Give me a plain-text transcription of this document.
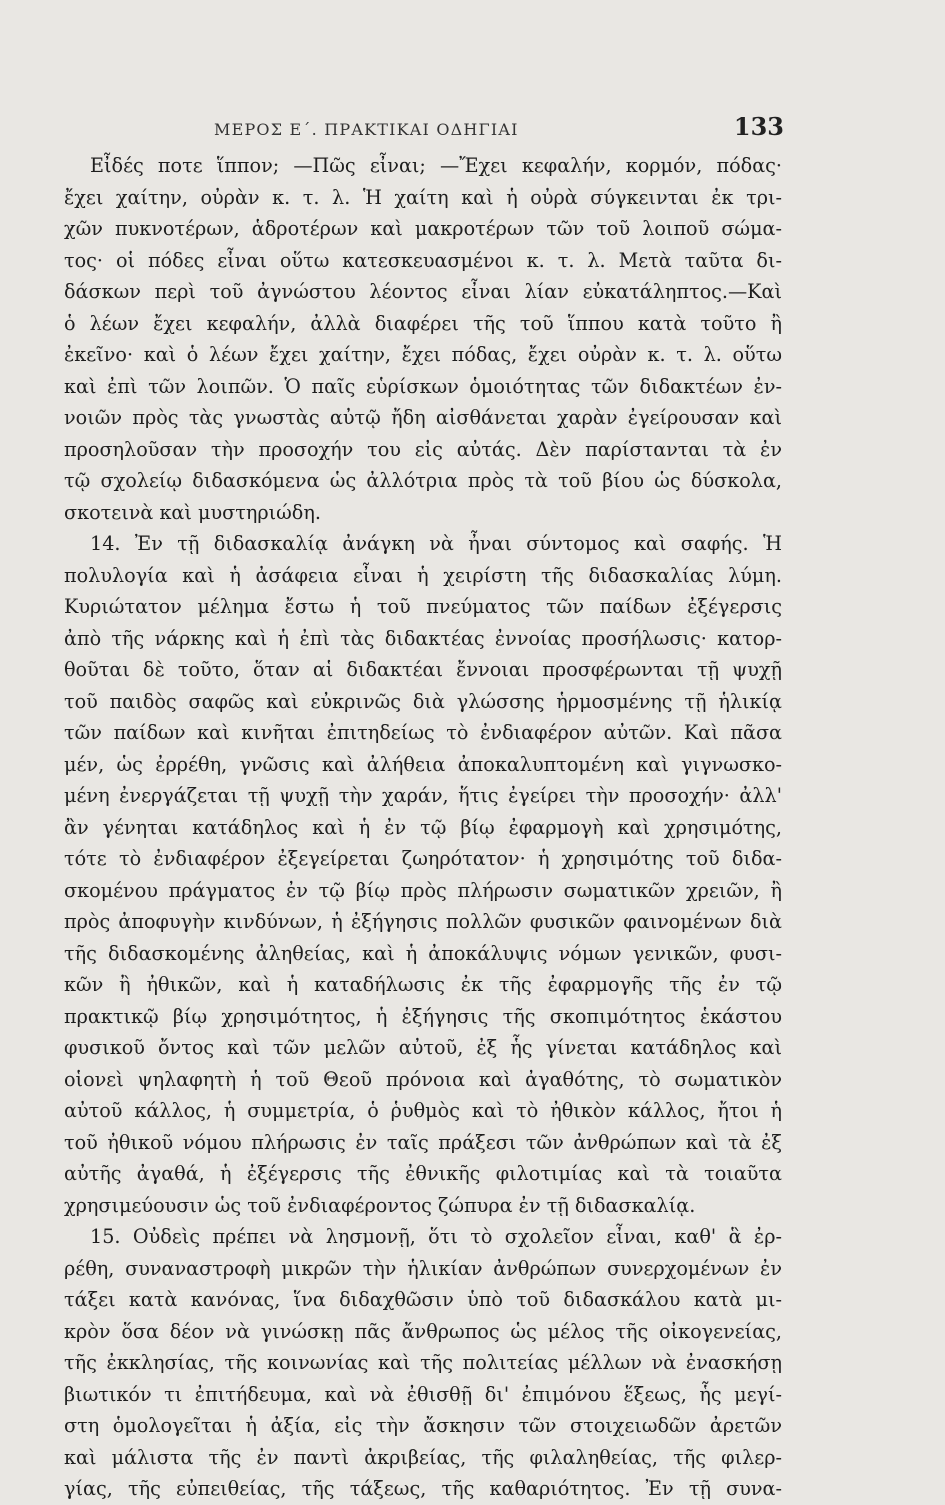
ΜΕΡΟΣ Ε΄. ΠΡΑΚΤΙΚΑΙ ΟΔΗΓΙΑΙ	133
Εἶδές ποτε ἵππον; —Πῶς εἶναι; —Ἔχει κεφαλήν, κορμόν, πόδας·
ἔχει χαίτην, οὐρὰν κ. τ. λ. Ἡ χαίτη καὶ ἡ οὐρὰ σύγκεινται ἐκ τρι-
χῶν πυκνοτέρων, ἁδροτέρων καὶ μακροτέρων τῶν τοῦ λοιποῦ σώμα-
τος· οἱ πόδες εἶναι οὕτω κατεσκευασμένοι κ. τ. λ. Μετὰ ταῦτα δι-
δάσκων περὶ τοῦ ἀγνώστου λέοντος εἶναι λίαν εὐκατάληπτος.—Καὶ
ὁ λέων ἔχει κεφαλήν, ἀλλὰ διαφέρει τῆς τοῦ ἵππου κατὰ τοῦτο ἢ
ἐκεῖνο· καὶ ὁ λέων ἔχει χαίτην, ἔχει πόδας, ἔχει οὐρὰν κ. τ. λ. οὕτω
καὶ ἐπὶ τῶν λοιπῶν. Ὁ παῖς εὑρίσκων ὁμοιότητας τῶν διδακτέων ἐν-
νοιῶν πρὸς τὰς γνωστὰς αὐτῷ ἤδη αἰσθάνεται χαρὰν ἐγείρουσαν καὶ
προσηλοῦσαν τὴν προσοχήν του εἰς αὐτάς. Δὲν παρίστανται τὰ ἐν
τῷ σχολείῳ διδασκόμενα ὡς ἀλλότρια πρὸς τὰ τοῦ βίου ὡς δύσκολα,
σκοτεινὰ καὶ μυστηριώδη.
14. Ἐν τῇ διδασκαλίᾳ ἀνάγκη νὰ ἦναι σύντομος καὶ σαφής. Ἡ
πολυλογία καὶ ἡ ἀσάφεια εἶναι ἡ χειρίστη τῆς διδασκαλίας λύμη.
Κυριώτατον μέλημα ἔστω ἡ τοῦ πνεύματος τῶν παίδων ἐξέγερσις
ἀπὸ τῆς νάρκης καὶ ἡ ἐπὶ τὰς διδακτέας ἐννοίας προσήλωσις· κατορ-
θοῦται δὲ τοῦτο, ὅταν αἱ διδακτέαι ἔννοιαι προσφέρωνται τῇ ψυχῇ
τοῦ παιδὸς σαφῶς καὶ εὐκρινῶς διὰ γλώσσης ἡρμοσμένης τῇ ἡλικίᾳ
τῶν παίδων καὶ κινῆται ἐπιτηδείως τὸ ἐνδιαφέρον αὐτῶν. Καὶ πᾶσα
μέν, ὡς ἐρρέθη, γνῶσις καὶ ἀλήθεια ἀποκαλυπτομένη καὶ γιγνωσκο-
μένη ἐνεργάζεται τῇ ψυχῇ τὴν χαράν, ἥτις ἐγείρει τὴν προσοχήν· ἀλλ'
ἂν γένηται κατάδηλος καὶ ἡ ἐν τῷ βίῳ ἐφαρμογὴ καὶ χρησιμότης,
τότε τὸ ἐνδιαφέρον ἐξεγείρεται ζωηρότατον· ἡ χρησιμότης τοῦ διδα-
σκομένου πράγματος ἐν τῷ βίῳ πρὸς πλήρωσιν σωματικῶν χρειῶν, ἢ
πρὸς ἀποφυγὴν κινδύνων, ἡ ἐξήγησις πολλῶν φυσικῶν φαινομένων διὰ
τῆς διδασκομένης ἀληθείας, καὶ ἡ ἀποκάλυψις νόμων γενικῶν, φυσι-
κῶν ἢ ἠθικῶν, καὶ ἡ καταδήλωσις ἐκ τῆς ἐφαρμογῆς τῆς ἐν τῷ
πρακτικῷ βίῳ χρησιμότητος, ἡ ἐξήγησις τῆς σκοπιμότητος ἑκάστου
φυσικοῦ ὄντος καὶ τῶν μελῶν αὐτοῦ, ἐξ ἧς γίνεται κατάδηλος καὶ
οἱονεὶ ψηλαφητὴ ἡ τοῦ Θεοῦ πρόνοια καὶ ἀγαθότης, τὸ σωματικὸν
αὐτοῦ κάλλος, ἡ συμμετρία, ὁ ῥυθμὸς καὶ τὸ ἠθικὸν κάλλος, ἤτοι ἡ
τοῦ ἠθικοῦ νόμου πλήρωσις ἐν ταῖς πράξεσι τῶν ἀνθρώπων καὶ τὰ ἐξ
αὐτῆς ἀγαθά, ἡ ἐξέγερσις τῆς ἐθνικῆς φιλοτιμίας καὶ τὰ τοιαῦτα
χρησιμεύουσιν ὡς τοῦ ἐνδιαφέροντος ζώπυρα ἐν τῇ διδασκαλίᾳ.
15. Οὐδεὶς πρέπει νὰ λησμονῇ, ὅτι τὸ σχολεῖον εἶναι, καθ' ἃ ἐρ-
ρέθη, συναναστροφὴ μικρῶν τὴν ἡλικίαν ἀνθρώπων συνερχομένων ἐν
τάξει κατὰ κανόνας, ἵνα διδαχθῶσιν ὑπὸ τοῦ διδασκάλου κατὰ μι-
κρὸν ὅσα δέον νὰ γινώσκῃ πᾶς ἄνθρωπος ὡς μέλος τῆς οἰκογενείας,
τῆς ἐκκλησίας, τῆς κοινωνίας καὶ τῆς πολιτείας μέλλων νὰ ἐνασκήσῃ
βιωτικόν τι ἐπιτήδευμα, καὶ νὰ ἐθισθῇ δι' ἐπιμόνου ἕξεως, ἧς μεγί-
στη ὁμολογεῖται ἡ ἀξία, εἰς τὴν ἄσκησιν τῶν στοιχειωδῶν ἀρετῶν
καὶ μάλιστα τῆς ἐν παντὶ ἀκριβείας, τῆς φιλαληθείας, τῆς φιλερ-
γίας, τῆς εὐπειθείας, τῆς τάξεως, τῆς καθαριότητος. Ἐν τῇ συνα-
